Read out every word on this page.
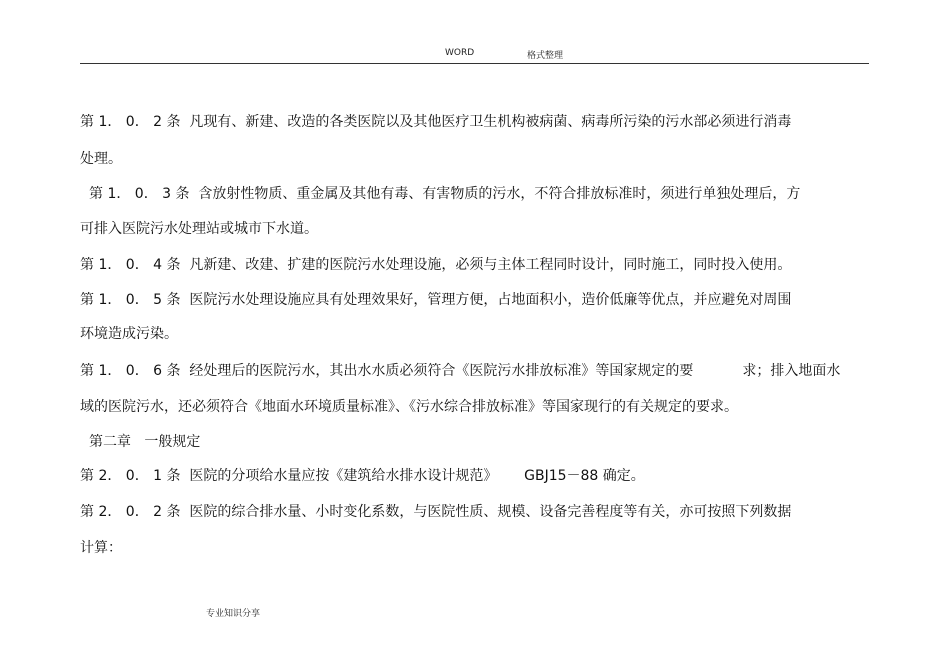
WORD	格式整理
第 1． 0． 2 条  凡现有、新建、改造的各类医院以及其他医疗卫生机构被病菌、病毒所污染的污水部必须进行消毒
处理。
第 1． 0． 3 条  含放射性物质、重金属及其他有毒、有害物质的污水，不符合排放标准时，须进行单独处理后，方
可排入医院污水处理站或城市下水道。
第 1． 0． 4 条  凡新建、改建、扩建的医院污水处理设施，必须与主体工程同时设计，同时施工，同时投入使用。
第 1． 0． 5 条  医院污水处理设施应具有处理效果好，管理方便，占地面积小，造价低廉等优点，并应避免对周围
环境造成污染。
第 1． 0． 6 条  经处理后的医院污水，其出水水质必须符合《医院污水排放标准》等国家规定的要           求；排入地面水
域的医院污水，还必须符合《地面水环境质量标准》、《污水综合排放标准》等国家现行的有关规定的要求。
第二章   一般规定
第 2． 0． 1 条  医院的分项给水量应按《建筑给水排水设计规范》      GBJ15－88 确定。
第 2． 0． 2 条  医院的综合排水量、小时变化系数，与医院性质、规模、设备完善程度等有关，亦可按照下列数据
计算：
专业知识分享
